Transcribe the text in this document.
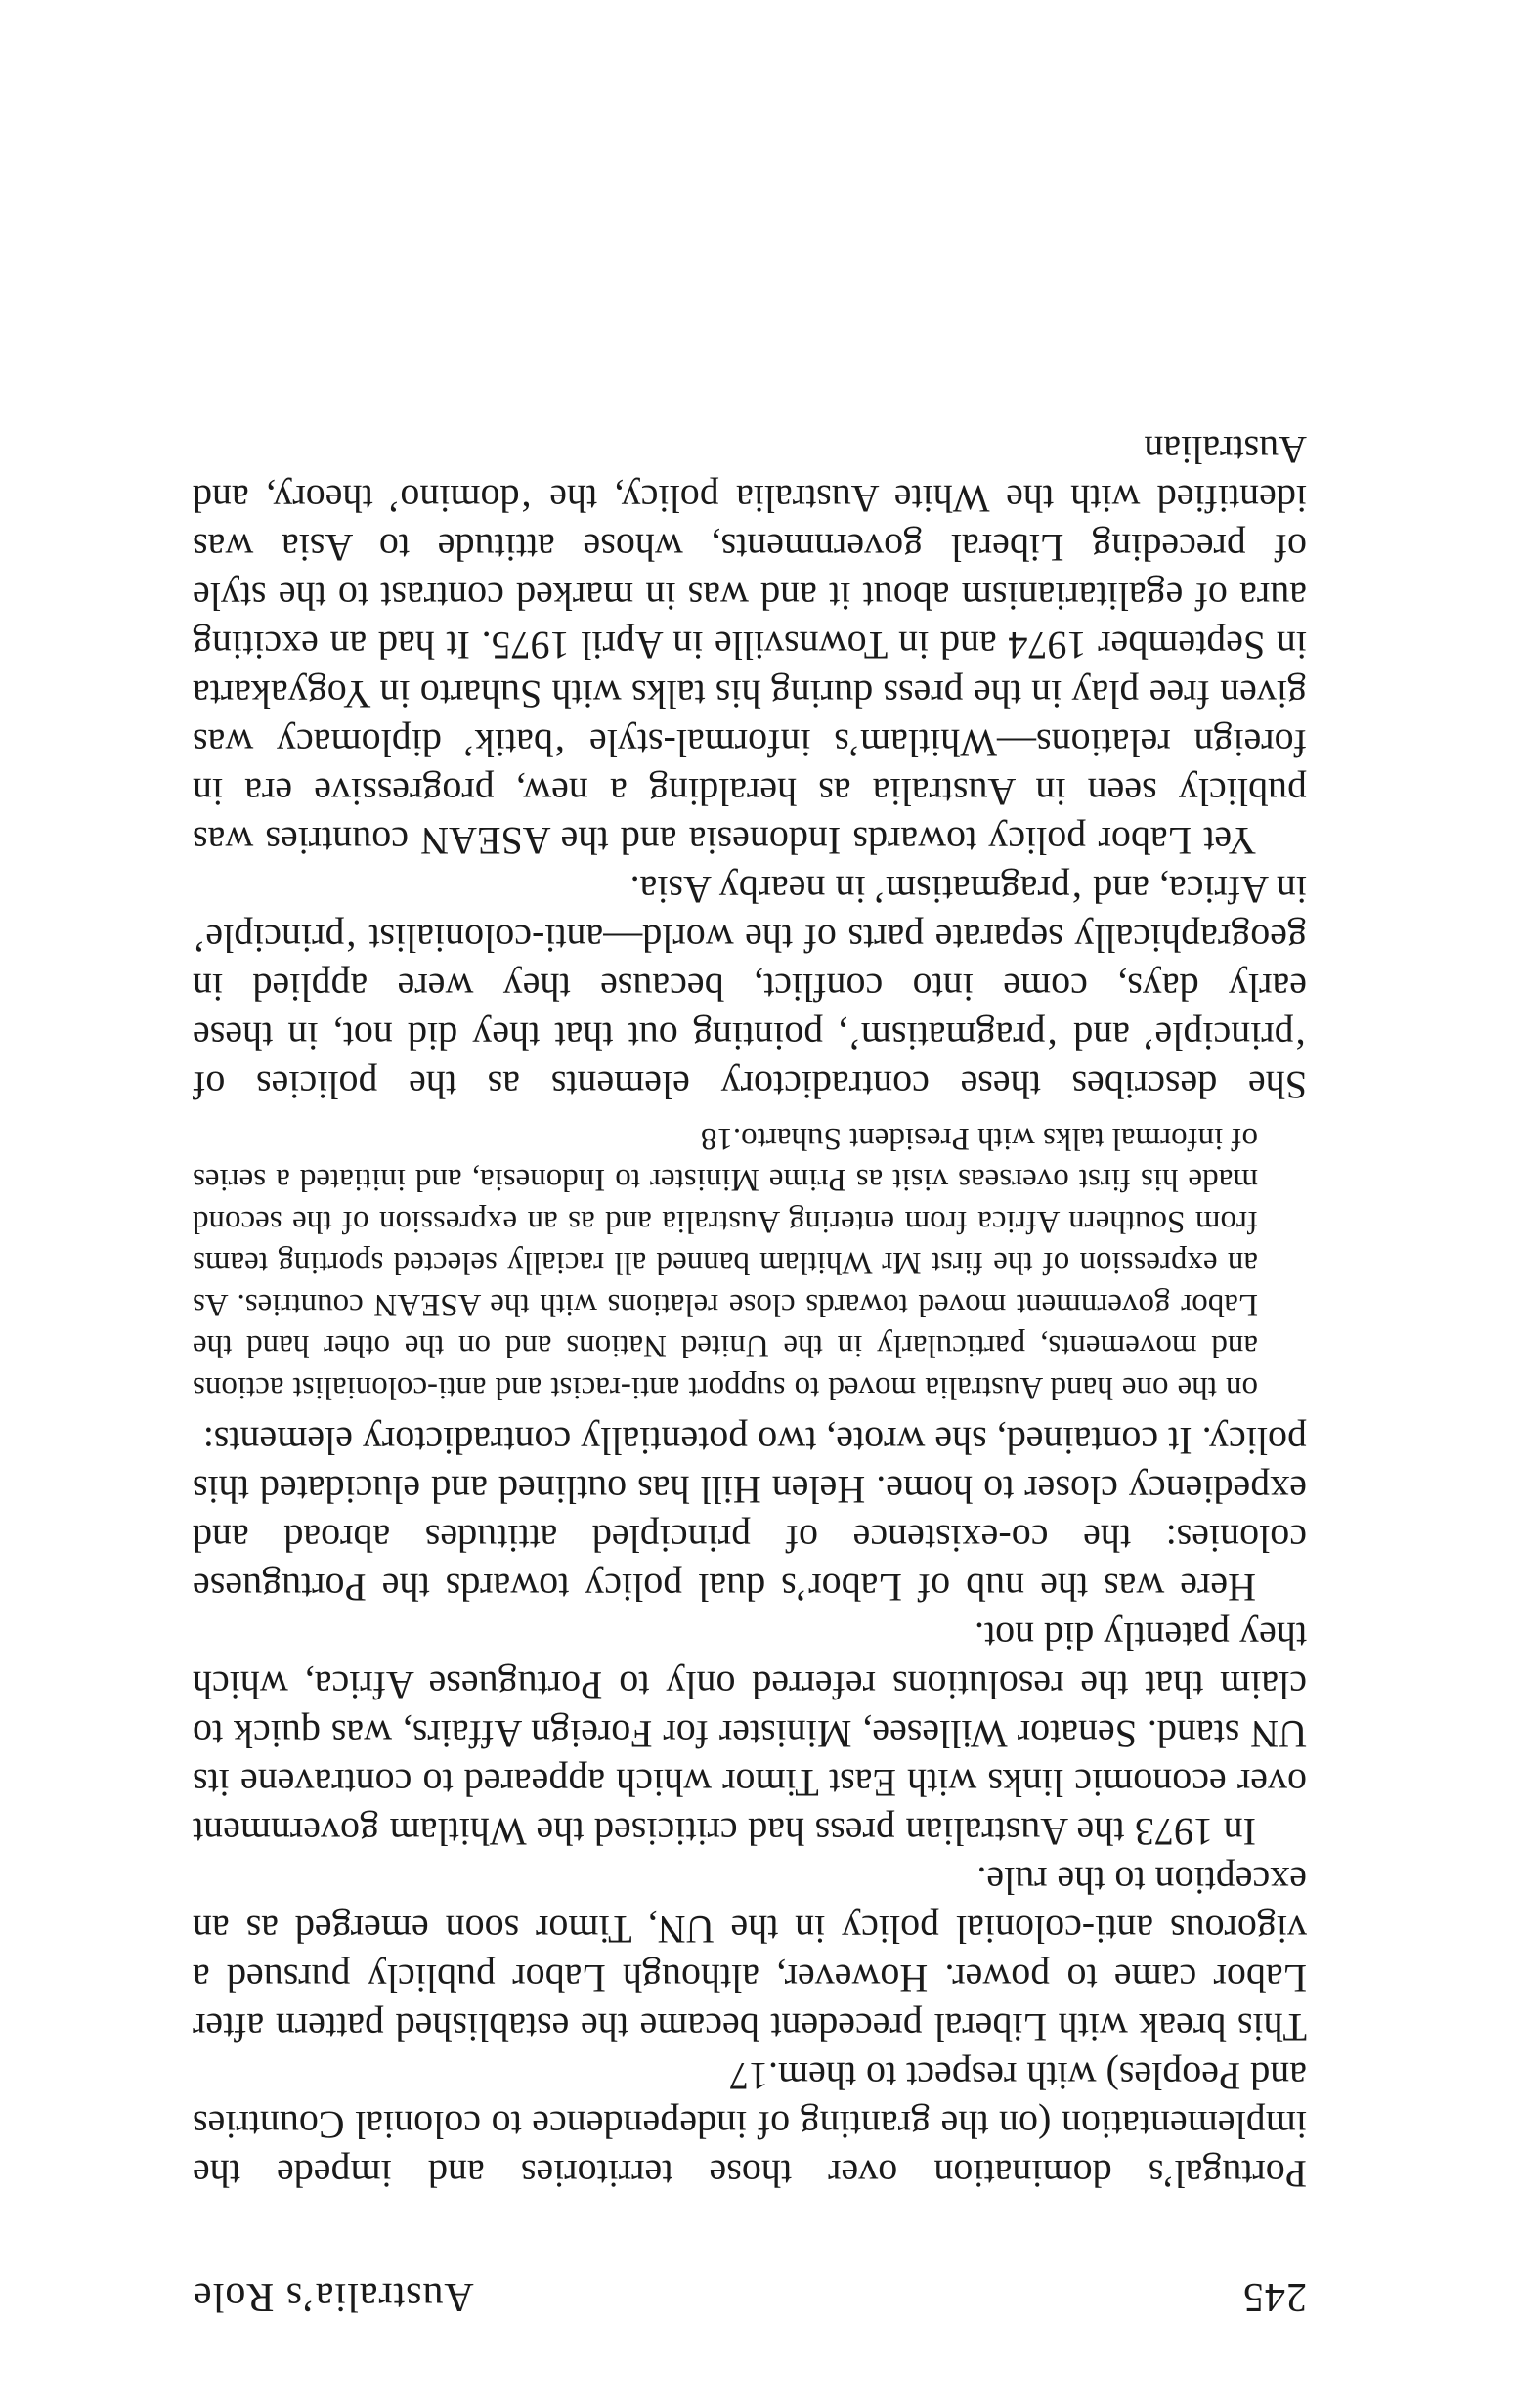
245
Australia’s Role

Portugal’s domination over those territories and impede the implementation (on the granting of independence to colonial Countries and Peoples) with respect to them.17

This break with Liberal precedent became the established pattern after Labor came to power. However, although Labor publicly pursued a vigorous anti-colonial policy in the UN, Timor soon emerged as an exception to the rule.

In 1973 the Australian press had criticised the Whitlam government over economic links with East Timor which appeared to contravene its UN stand. Senator Willesee, Minister for Foreign Affairs, was quick to claim that the resolutions referred only to Portuguese Africa, which they patently did not.

Here was the nub of Labor’s dual policy towards the Portuguese colonies: the co-existence of principled attitudes abroad and expediency closer to home. Helen Hill has outlined and elucidated this policy. It contained, she wrote, two potentially contradictory elements:

on the one hand Australia moved to support anti-racist and anti-colonialist actions and movements, particularly in the United Nations and on the other hand the Labor government moved towards close relations with the ASEAN countries. As an expression of the first Mr Whitlam banned all racially selected sporting teams from Southern Africa from entering Australia and as an expression of the second made his first overseas visit as Prime Minister to Indonesia, and initiated a series of informal talks with President Suharto.18

She describes these contradictory elements as the policies of ‘principle’ and ‘pragmatism’, pointing out that they did not, in these early days, come into conflict, because they were applied in geographically separate parts of the world—anti-colonialist ‘principle’ in Africa, and ‘pragmatism’ in nearby Asia.

Yet Labor policy towards Indonesia and the ASEAN countries was publicly seen in Australia as heralding a new, progressive era in foreign relations—Whitlam’s informal-style ‘batik’ diplomacy was given free play in the press during his talks with Suharto in Yogyakarta in September 1974 and in Townsville in April 1975. It had an exciting aura of egalitarianism about it and was in marked contrast to the style of preceding Liberal governments, whose attitude to Asia was identified with the White Australia policy, the ‘domino’ theory, and Australian
